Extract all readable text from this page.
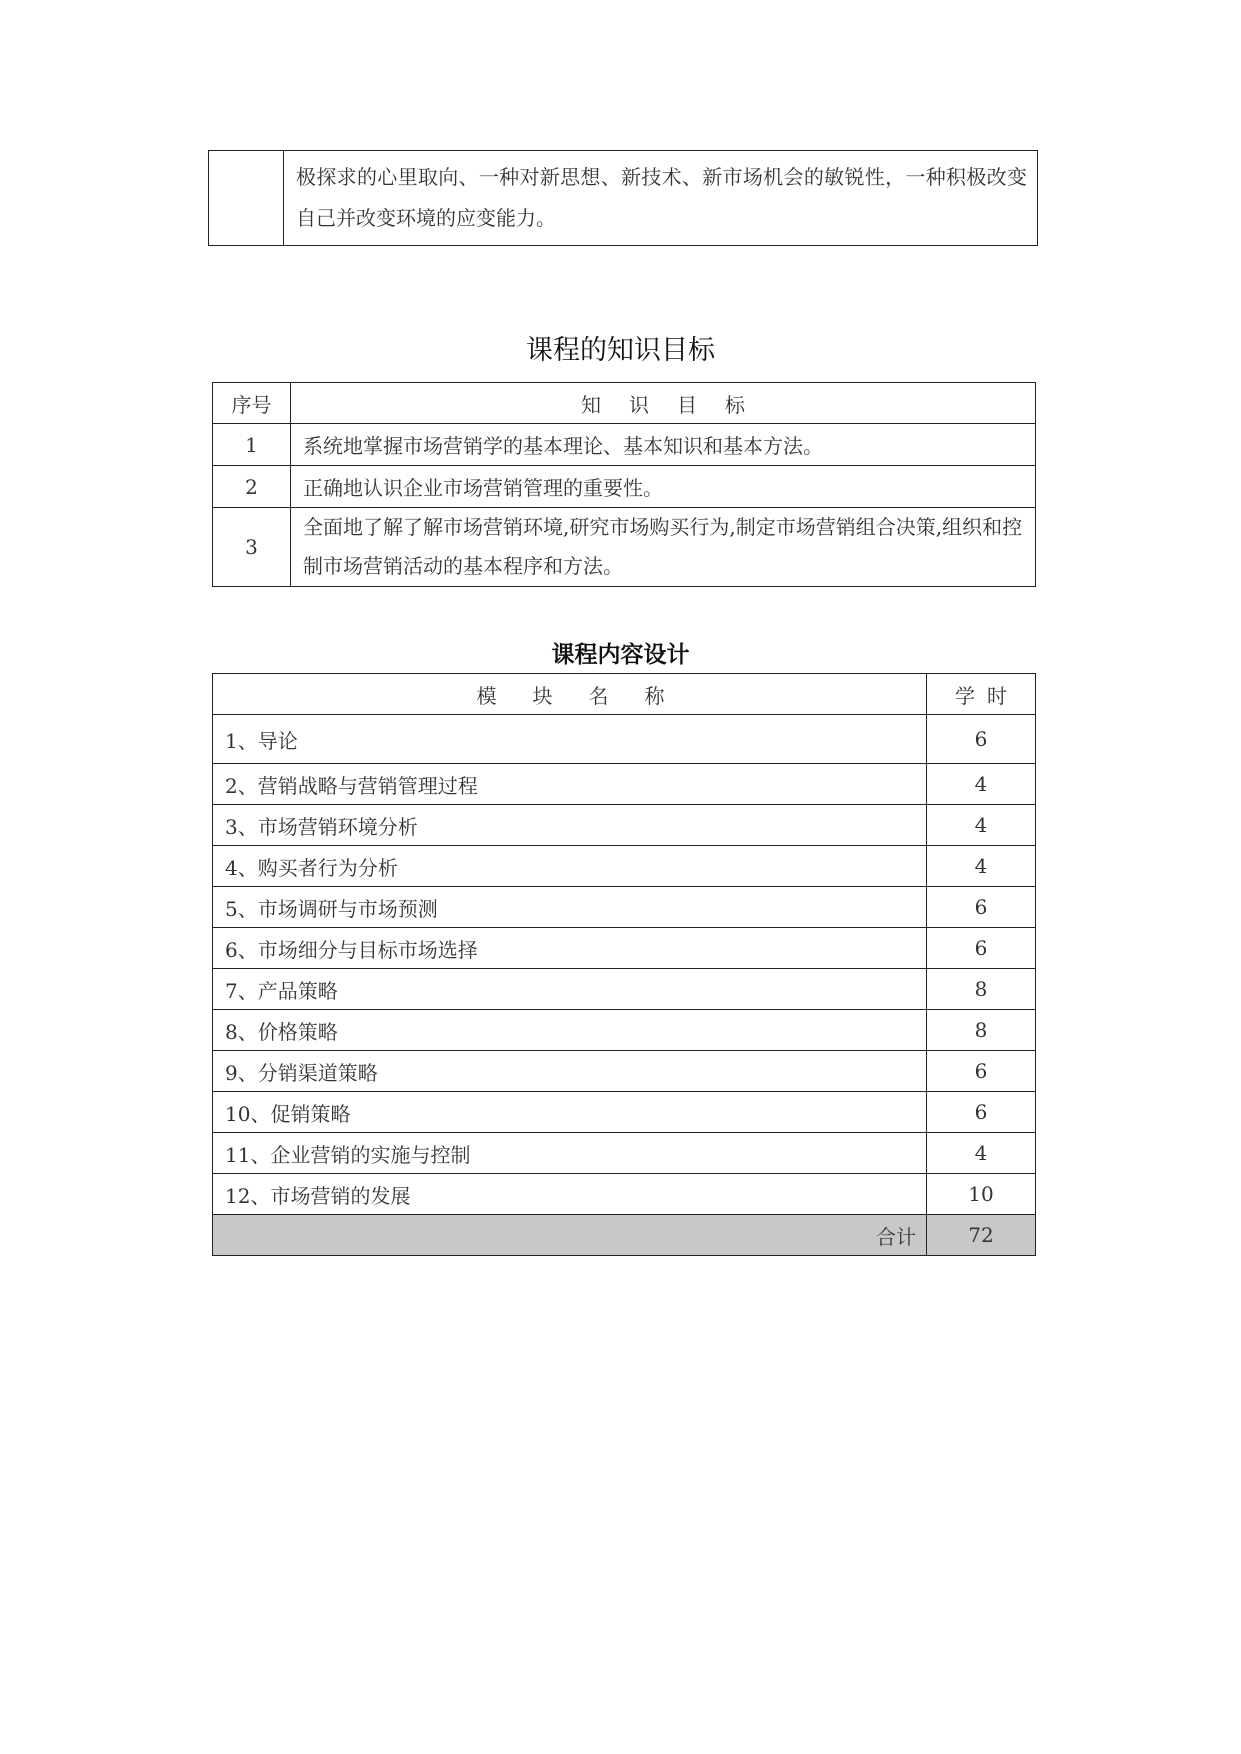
	极探求的心里取向、一种对新思想、新技术、新市场机会的敏锐性，一种积极改变自己并改变环境的应变能力。
课程的知识目标
序号	知识目标
1	系统地掌握市场营销学的基本理论、基本知识和基本方法。
2	正确地认识企业市场营销管理的重要性。
3	全面地了解了解市场营销环境,研究市场购买行为,制定市场营销组合决策,组织和控制市场营销活动的基本程序和方法。
课程内容设计
模块名称	学时
1、导论	6
2、营销战略与营销管理过程	4
3、市场营销环境分析	4
4、购买者行为分析	4
5、市场调研与市场预测	6
6、市场细分与目标市场选择	6
7、产品策略	8
8、价格策略	8
9、分销渠道策略	6
10、促销策略	6
11、企业营销的实施与控制	4
12、市场营销的发展	10
合计	72
